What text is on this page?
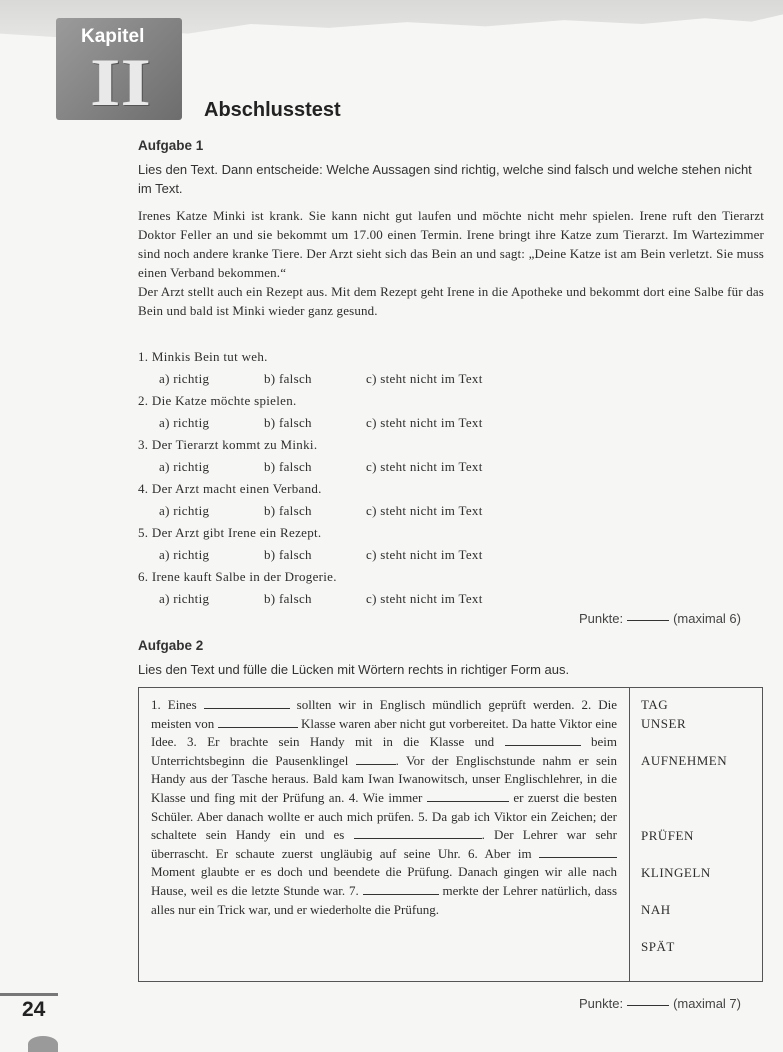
Kapitel
II	Abschlusstest
Aufgabe 1
Lies den Text. Dann entscheide: Welche Aussagen sind richtig, welche sind falsch und welche stehen nicht im Text.

Irenes Katze Minki ist krank. Sie kann nicht gut laufen und möchte nicht mehr spielen. Irene ruft den Tierarzt Doktor Feller an und sie bekommt um 17.00 einen Termin. Irene bringt ihre Katze zum Tierarzt. Im Wartezimmer sind noch andere kranke Tiere. Der Arzt sieht sich das Bein an und sagt: „Deine Katze ist am Bein verletzt. Sie muss einen Verband bekommen.“

Der Arzt stellt auch ein Rezept aus. Mit dem Rezept geht Irene in die Apotheke und bekommt dort eine Salbe für das Bein und bald ist Minki wieder ganz gesund.

1. Minkis Bein tut weh.
a) richtig	b) falsch	c) steht nicht im Text
2. Die Katze möchte spielen.
a) richtig	b) falsch	c) steht nicht im Text
3. Der Tierarzt kommt zu Minki.
a) richtig	b) falsch	c) steht nicht im Text
4. Der Arzt macht einen Verband.
a) richtig	b) falsch	c) steht nicht im Text
5. Der Arzt gibt Irene ein Rezept.
a) richtig	b) falsch	c) steht nicht im Text
6. Irene kauft Salbe in der Drogerie.
a) richtig	b) falsch	c) steht nicht im Text
Punkte:	(maximal 6)
Aufgabe 2
Lies den Text und fülle die Lücken mit Wörtern rechts in richtiger Form aus.
1. Eines	sollten wir in Englisch mündlich geprüft werden. 2. Die meisten von	Klasse waren aber nicht gut vorbereitet. Da hatte Viktor eine Idee. 3. Er brachte sein Handy mit in die Klasse und	beim Unterrichtsbeginn die Pausenklingel	. Vor der Englischstunde nahm er sein Handy aus der Tasche heraus. Bald kam Iwan Iwanowitsch, unser Englischlehrer, in die Klasse und fing mit der Prüfung an. 4. Wie immer	er zuerst die besten Schüler. Aber danach wollte er auch mich prüfen. 5. Da gab ich Viktor ein Zeichen; der schaltete sein Handy ein und es	. Der Lehrer war sehr überrascht. Er schaute zuerst ungläubig auf seine Uhr. 6. Aber im  Moment glaubte er es doch und beendete die Prüfung. Danach gingen wir alle nach Hause, weil es die letzte Stunde war. 7.	merkte der Lehrer natürlich, dass alles nur ein Trick war, und er wiederholte die Prüfung.
TAG
UNSER
AUFNEHMEN
PRÜFEN
KLINGELN
NAH
SPÄT
Punkte:	(maximal 7)
24
